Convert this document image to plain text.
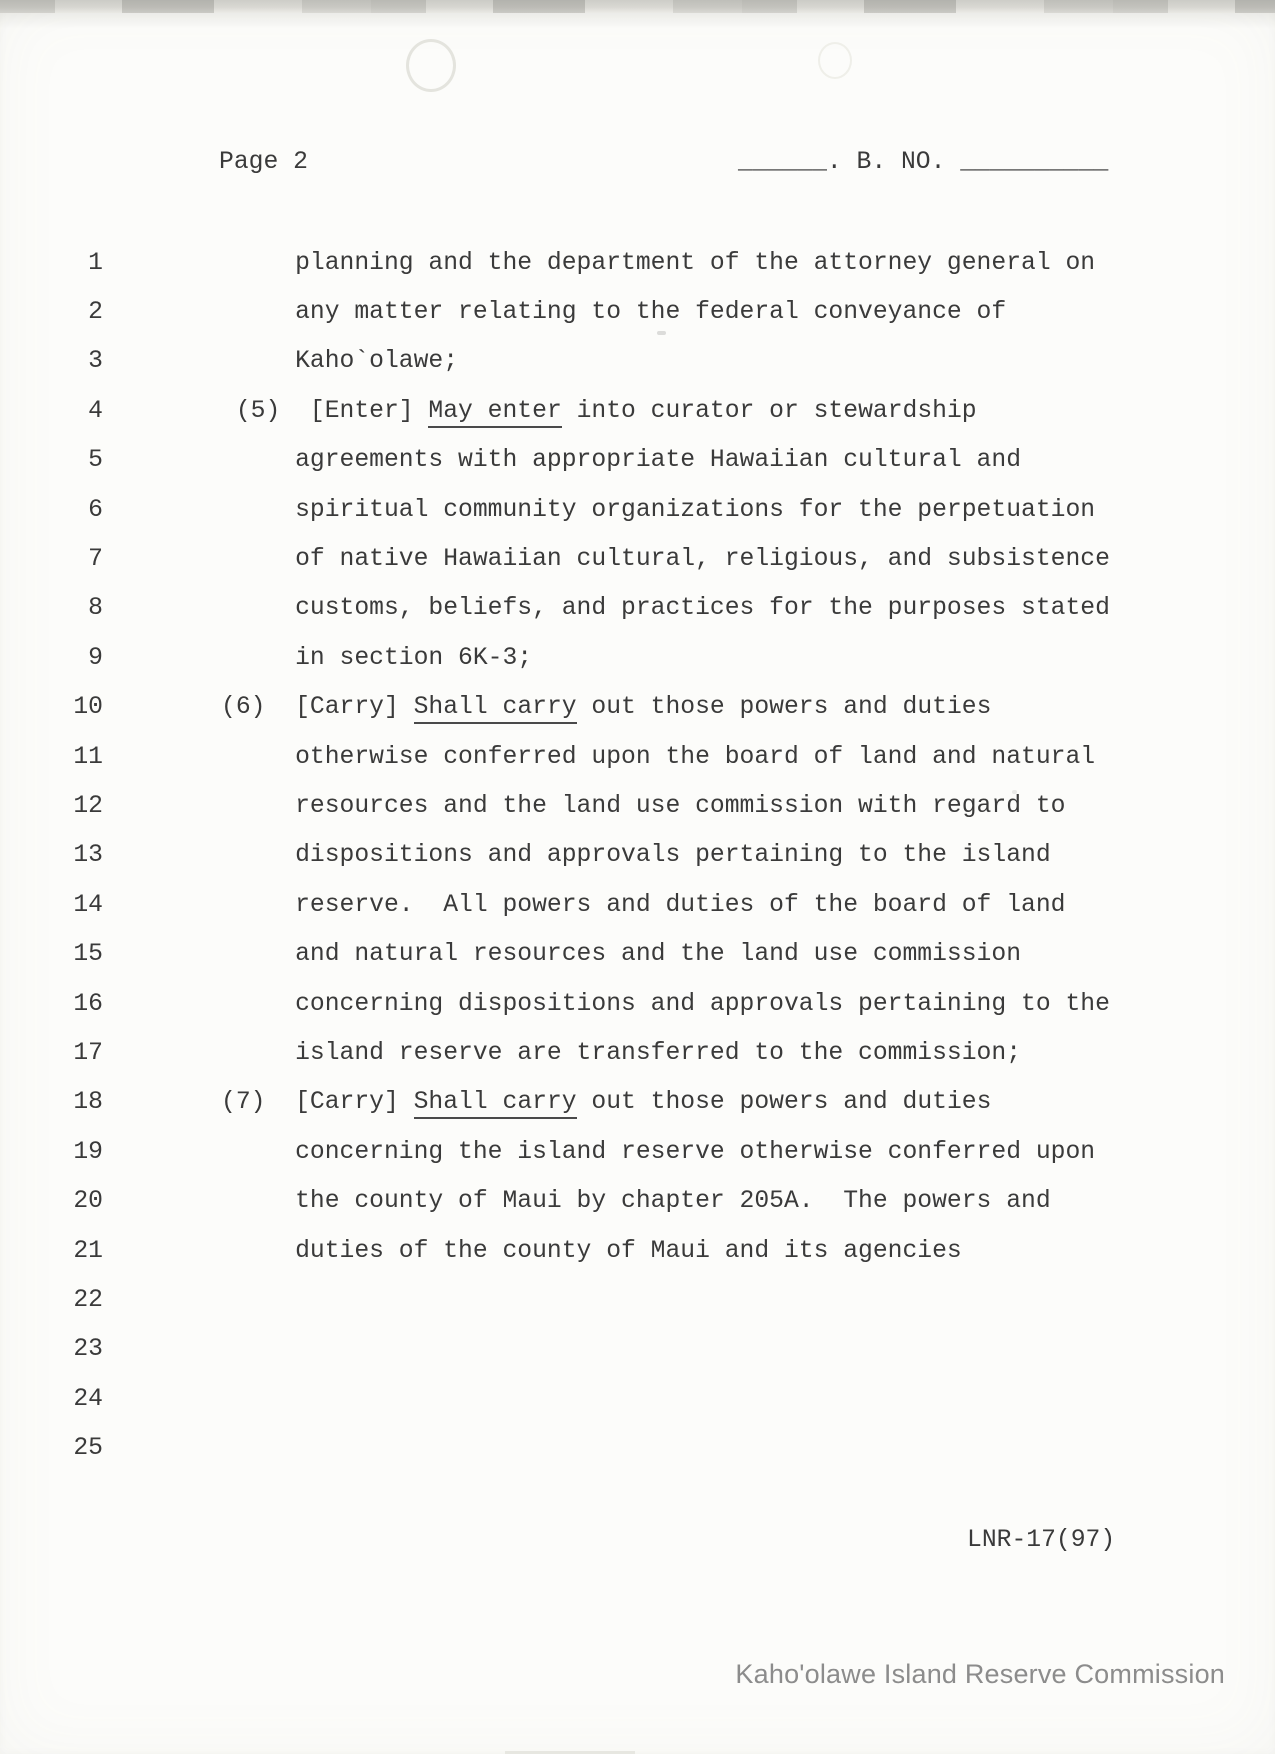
Page 2	______. B. NO. __________
1	planning and the department of the attorney general on
2	any matter relating to the federal conveyance of
3	Kaho`olawe;
4	(5)  [Enter] May enter into curator or stewardship
5	agreements with appropriate Hawaiian cultural and
6	spiritual community organizations for the perpetuation
7	of native Hawaiian cultural, religious, and subsistence
8	customs, beliefs, and practices for the purposes stated
9	in section 6K-3;
10	(6)  [Carry] Shall carry out those powers and duties
11	otherwise conferred upon the board of land and natural
12	resources and the land use commission with regard to
13	dispositions and approvals pertaining to the island
14	reserve.  All powers and duties of the board of land
15	and natural resources and the land use commission
16	concerning dispositions and approvals pertaining to the
17	island reserve are transferred to the commission;
18	(7)  [Carry] Shall carry out those powers and duties
19	concerning the island reserve otherwise conferred upon
20	the county of Maui by chapter 205A.  The powers and
21	duties of the county of Maui and its agencies
22
23
24
25
LNR-17(97)
Kaho'olawe Island Reserve Commission
